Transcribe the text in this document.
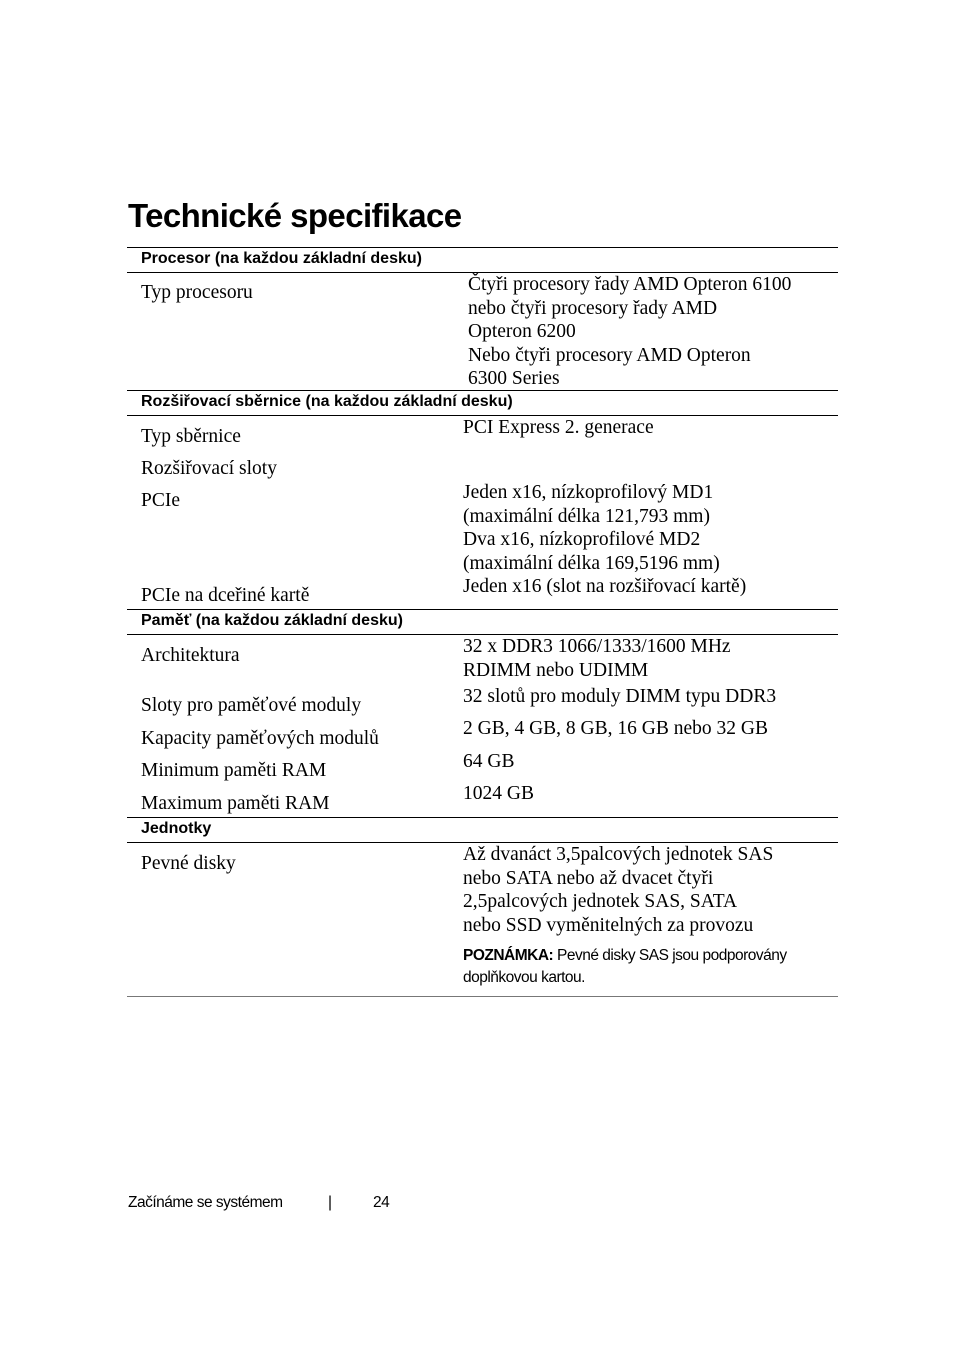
Technické specifikace
Procesor (na každou základní desku)
Typ procesoru	Čtyři procesory řady AMD Opteron 6100
nebo čtyři procesory řady AMD
Opteron 6200
Nebo čtyři procesory AMD Opteron
6300 Series
Rozšiřovací sběrnice (na každou základní desku)
Typ sběrnice	PCI Express 2. generace
Rozšiřovací sloty
PCIe	Jeden x16, nízkoprofilový MD1
(maximální délka 121,793 mm)
Dva x16, nízkoprofilové MD2
(maximální délka 169,5196 mm)
PCIe na dceřiné kartě	Jeden x16 (slot na rozšiřovací kartě)
Paměť (na každou základní desku)
Architektura	32 x DDR3 1066/1333/1600 MHz
RDIMM nebo UDIMM
Sloty pro paměťové moduly	32 slotů pro moduly DIMM typu DDR3
Kapacity paměťových modulů	2 GB, 4 GB, 8 GB, 16 GB nebo 32 GB
Minimum paměti RAM	64 GB
Maximum paměti RAM	1024 GB
Jednotky
Pevné disky	Až dvanáct 3,5palcových jednotek SAS
nebo SATA nebo až dvacet čtyři
2,5palcových jednotek SAS, SATA
nebo SSD vyměnitelných za provozu
POZNÁMKA: Pevné disky SAS jsou podporovány doplňkovou kartou.
Začínáme se systémem	|	24
